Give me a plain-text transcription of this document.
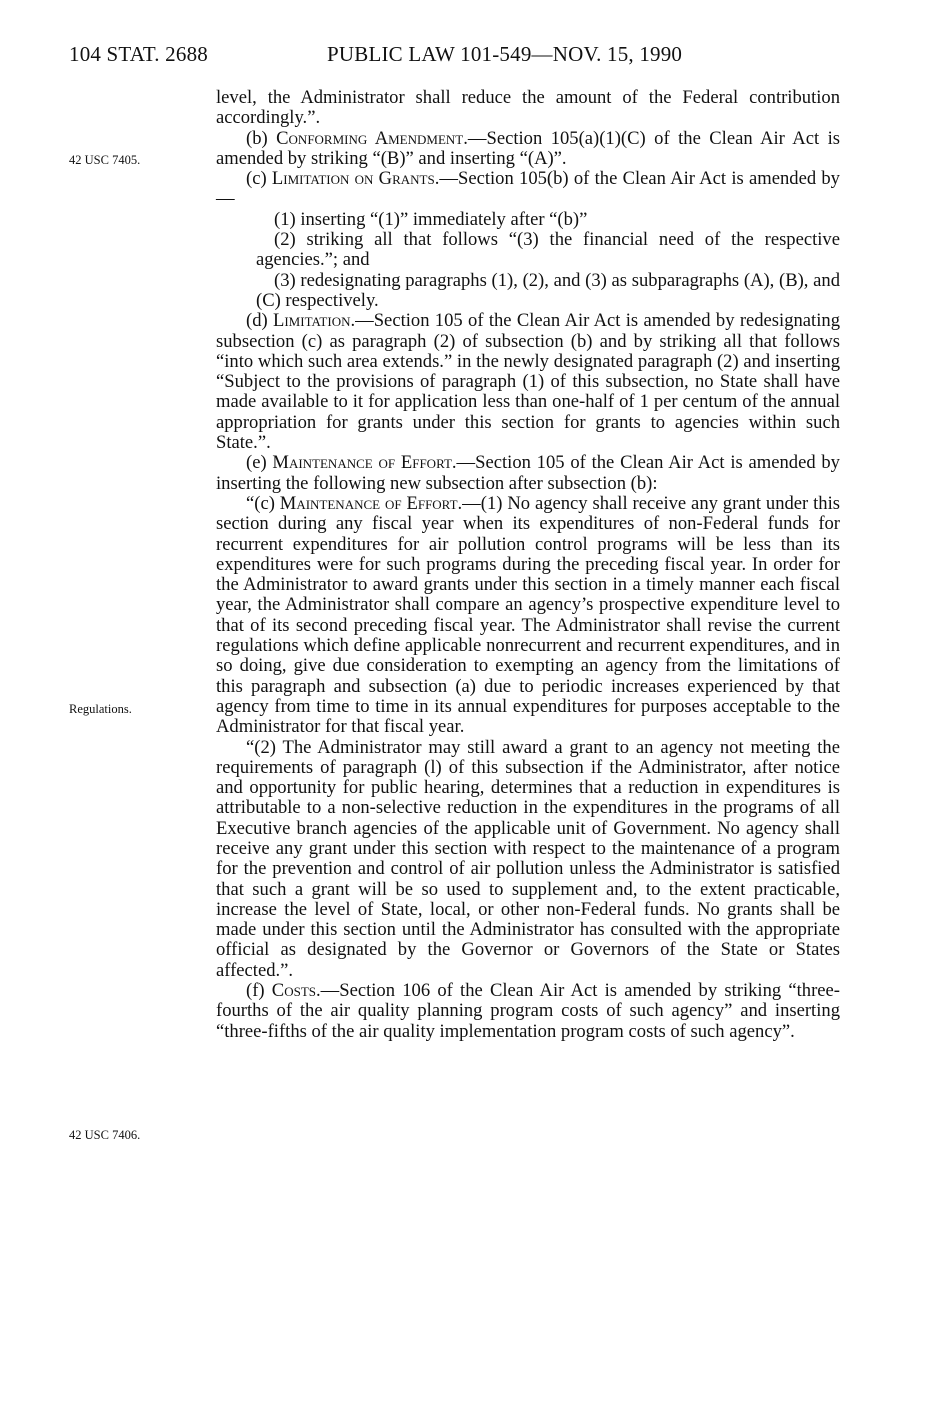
104 STAT. 2688	PUBLIC LAW 101-549—NOV. 15, 1990
42 USC 7405.
Regulations.
42 USC 7406.

level, the Administrator shall reduce the amount of the Federal contribution accordingly.”.

(b) Conforming Amendment.—Section 105(a)(1)(C) of the Clean Air Act is amended by striking “(B)” and inserting “(A)”.

(c) Limitation on Grants.—Section 105(b) of the Clean Air Act is amended by—

(1) inserting “(1)” immediately after “(b)”

(2) striking all that follows “(3) the financial need of the respective agencies.”; and

(3) redesignating paragraphs (1), (2), and (3) as subparagraphs (A), (B), and (C) respectively.

(d) Limitation.—Section 105 of the Clean Air Act is amended by redesignating subsection (c) as paragraph (2) of subsection (b) and by striking all that follows “into which such area extends.” in the newly designated paragraph (2) and inserting “Subject to the provisions of paragraph (1) of this subsection, no State shall have made available to it for application less than one-half of 1 per centum of the annual appropriation for grants under this section for grants to agencies within such State.”.

(e) Maintenance of Effort.—Section 105 of the Clean Air Act is amended by inserting the following new subsection after subsection (b):

“(c) Maintenance of Effort.—(1) No agency shall receive any grant under this section during any fiscal year when its expenditures of non-Federal funds for recurrent expenditures for air pollution control programs will be less than its expenditures were for such programs during the preceding fiscal year. In order for the Administrator to award grants under this section in a timely manner each fiscal year, the Administrator shall compare an agency’s prospective expenditure level to that of its second preceding fiscal year. The Administrator shall revise the current regulations which define applicable nonrecurrent and recurrent expenditures, and in so doing, give due consideration to exempting an agency from the limitations of this paragraph and subsection (a) due to periodic increases experienced by that agency from time to time in its annual expenditures for purposes acceptable to the Administrator for that fiscal year.

“(2) The Administrator may still award a grant to an agency not meeting the requirements of paragraph (l) of this subsection if the Administrator, after notice and opportunity for public hearing, determines that a reduction in expenditures is attributable to a non-selective reduction in the expenditures in the programs of all Executive branch agencies of the applicable unit of Government. No agency shall receive any grant under this section with respect to the maintenance of a program for the prevention and control of air pollution unless the Administrator is satisfied that such a grant will be so used to supplement and, to the extent practicable, increase the level of State, local, or other non-Federal funds. No grants shall be made under this section until the Administrator has consulted with the appropriate official as designated by the Governor or Governors of the State or States affected.”.

(f) Costs.—Section 106 of the Clean Air Act is amended by striking “three-fourths of the air quality planning program costs of such agency” and inserting “three-fifths of the air quality implementation program costs of such agency”.
